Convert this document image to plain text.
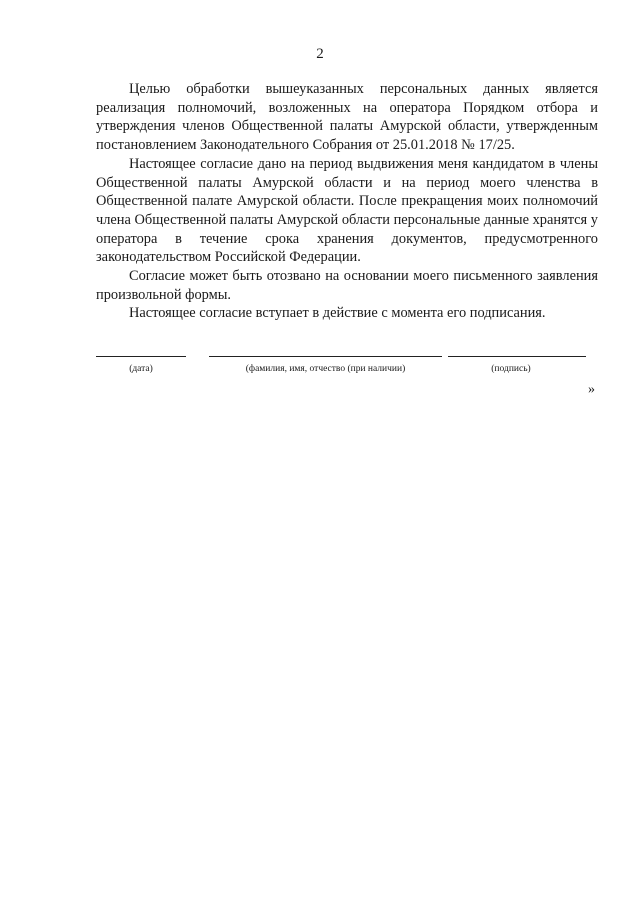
2

Целью обработки вышеуказанных персональных данных является реализация полномочий, возложенных на оператора Порядком отбора и утверждения членов Общественной палаты Амурской области, утвержденным постановлением Законодательного Собрания от 25.01.2018 № 17/25.

Настоящее согласие дано на период выдвижения меня кандидатом в члены Общественной палаты Амурской области и на период моего членства в Общественной палате Амурской области. После прекращения моих полномочий члена Общественной палаты Амурской области персональные данные хранятся у оператора в течение срока хранения документов, предусмотренного законодательством Российской Федерации.

Согласие может быть отозвано на основании моего письменного заявления произвольной формы.

Настоящее согласие вступает в действие с момента его подписания.

(дата)	(фамилия, имя, отчество (при наличии)	(подпись)
»
